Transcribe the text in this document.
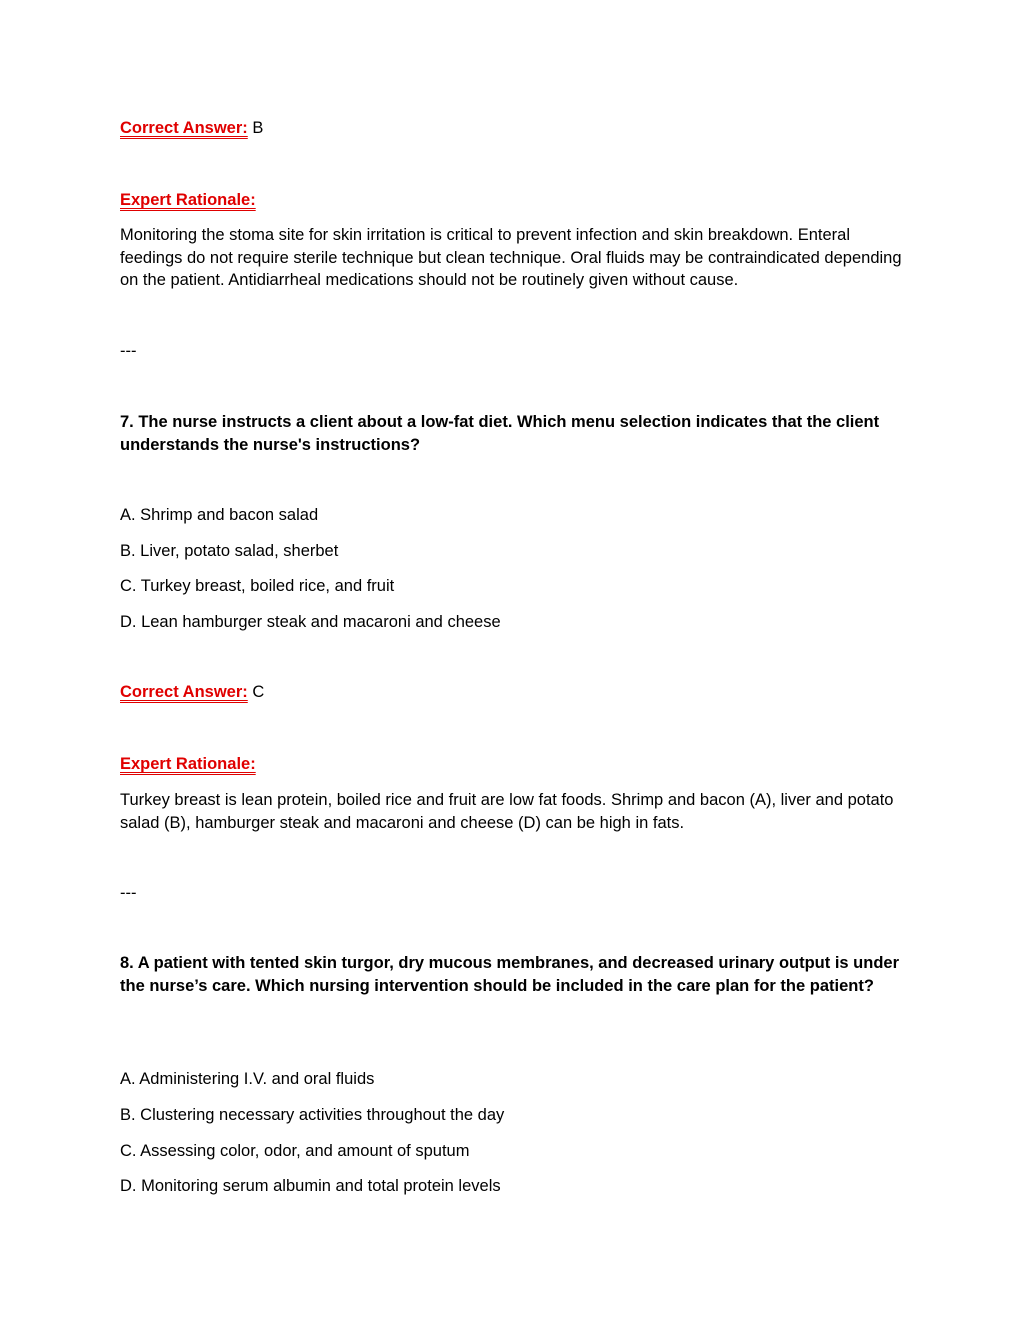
Correct Answer: B
Expert Rationale:
Monitoring the stoma site for skin irritation is critical to prevent infection and skin breakdown. Enteral feedings do not require sterile technique but clean technique. Oral fluids may be contraindicated depending on the patient. Antidiarrheal medications should not be routinely given without cause.
---
7. The nurse instructs a client about a low-fat diet. Which menu selection indicates that the client understands the nurse's instructions?
A. Shrimp and bacon salad
B. Liver, potato salad, sherbet
C. Turkey breast, boiled rice, and fruit
D. Lean hamburger steak and macaroni and cheese
Correct Answer: C
Expert Rationale:
Turkey breast is lean protein, boiled rice and fruit are low fat foods. Shrimp and bacon (A), liver and potato salad (B), hamburger steak and macaroni and cheese (D) can be high in fats.
---
8. A patient with tented skin turgor, dry mucous membranes, and decreased urinary output is under the nurse’s care. Which nursing intervention should be included in the care plan for the patient?
A. Administering I.V. and oral fluids
B. Clustering necessary activities throughout the day
C. Assessing color, odor, and amount of sputum
D. Monitoring serum albumin and total protein levels
